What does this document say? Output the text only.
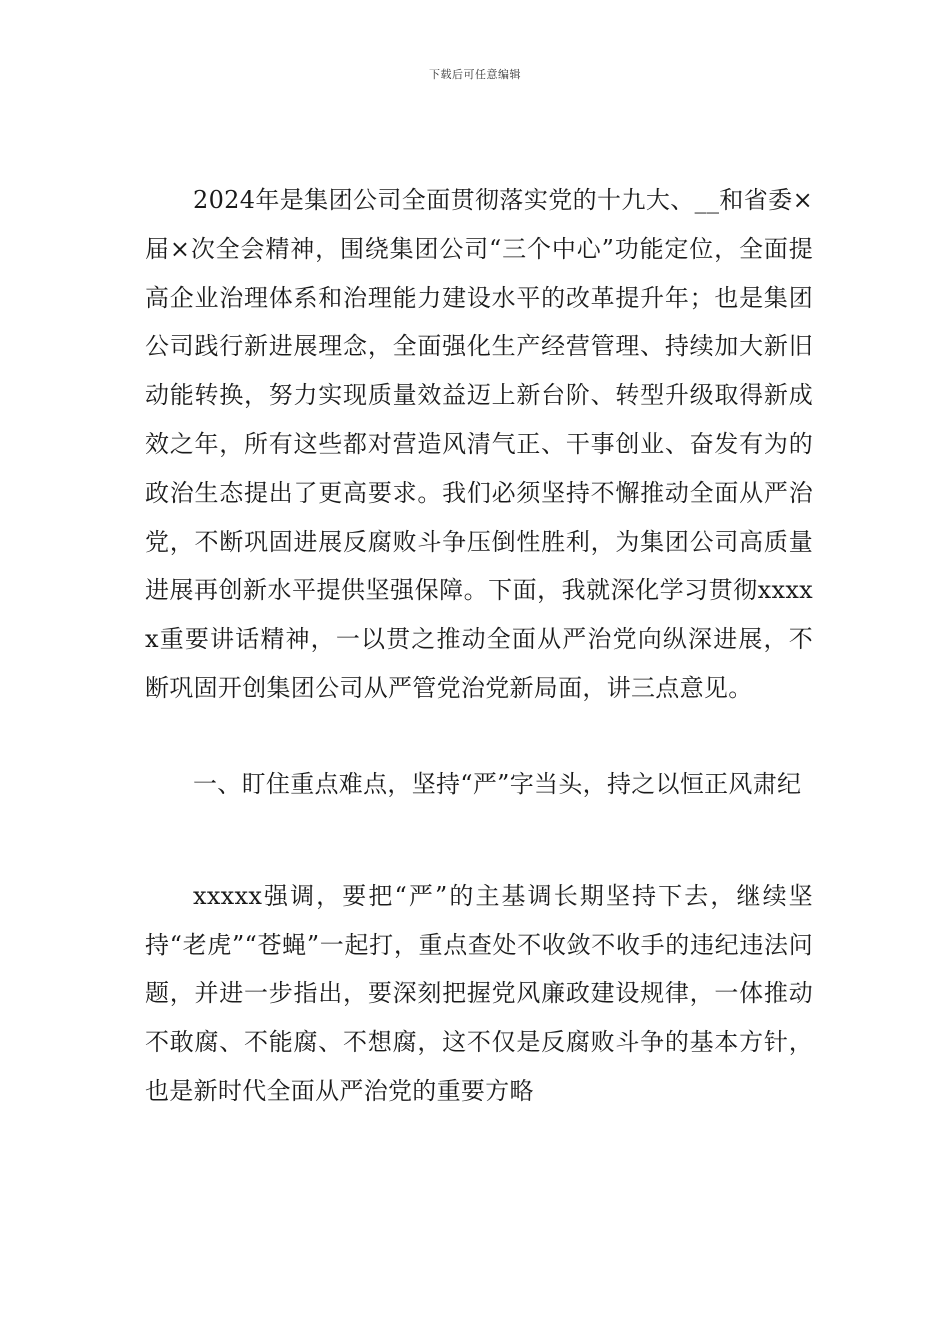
下载后可任意编辑

2024年是集团公司全面贯彻落实党的十九大、__和省委×届×次全会精神，围绕集团公司“三个中心”功能定位，全面提高企业治理体系和治理能力建设水平的改革提升年；也是集团公司践行新进展理念，全面强化生产经营管理、持续加大新旧动能转换，努力实现质量效益迈上新台阶、转型升级取得新成效之年，所有这些都对营造风清气正、干事创业、奋发有为的政治生态提出了更高要求。我们必须坚持不懈推动全面从严治党，不断巩固进展反腐败斗争压倒性胜利，为集团公司高质量进展再创新水平提供坚强保障。下面，我就深化学习贯彻xxxxx重要讲话精神，一以贯之推动全面从严治党向纵深进展，不断巩固开创集团公司从严管党治党新局面，讲三点意见。

一、盯住重点难点，坚持“严”字当头，持之以恒正风肃纪

xxxxx强调，要把“严”的主基调长期坚持下去，继续坚持“老虎”“苍蝇”一起打，重点查处不收敛不收手的违纪违法问题，并进一步指出，要深刻把握党风廉政建设规律，一体推动不敢腐、不能腐、不想腐，这不仅是反腐败斗争的基本方针，也是新时代全面从严治党的重要方略
